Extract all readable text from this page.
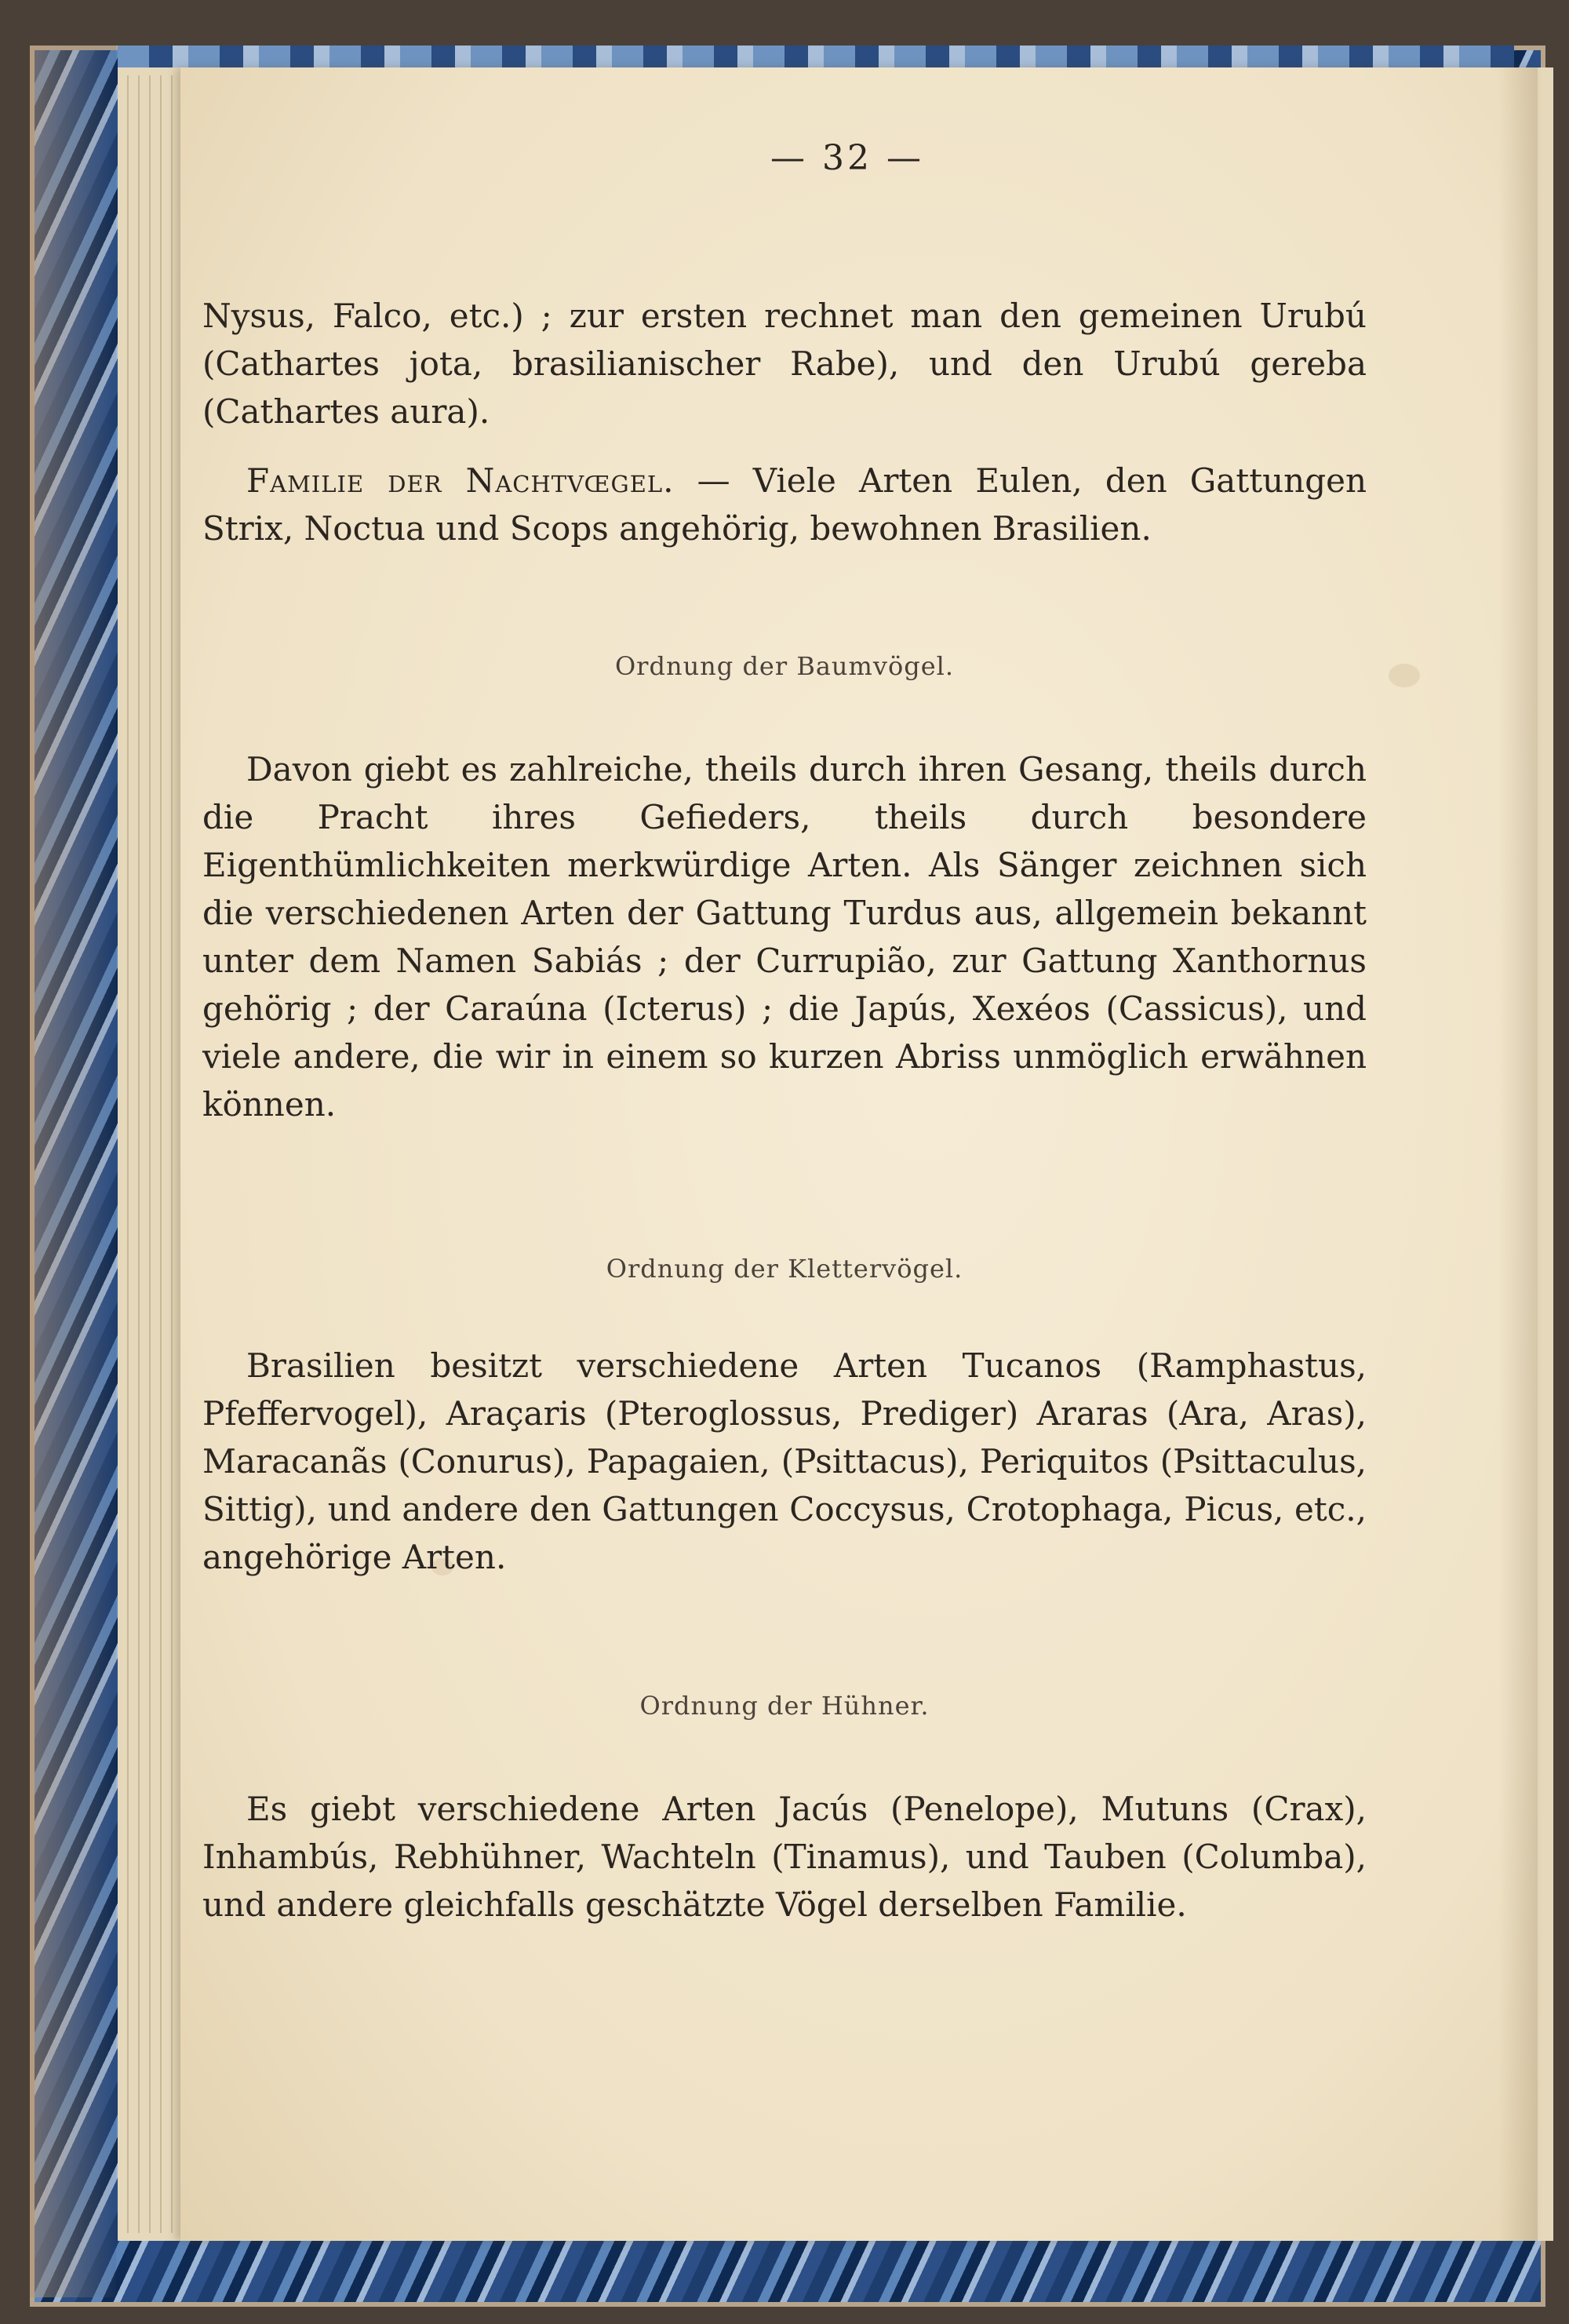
— 32 —
Nysus, Falco, etc.) ; zur ersten rechnet man den gemeinen Urubú (Cathartes jota, brasilianischer Rabe), und den Urubú gereba (Cathartes aura).
Familie der Nachtvœgel. — Viele Arten Eulen, den Gattungen Strix, Noctua und Scops angehörig, bewohnen Brasilien.
Ordnung der Baumvögel.
Davon giebt es zahlreiche, theils durch ihren Gesang, theils durch die Pracht ihres Gefieders, theils durch besondere Eigenthümlichkeiten merkwürdige Arten. Als Sänger zeichnen sich die verschiedenen Arten der Gattung Turdus aus, allgemein bekannt unter dem Namen Sabiás ; der Currupião, zur Gattung Xanthornus gehörig ; der Caraúna (Icterus) ; die Japús, Xexéos (Cassicus), und viele andere, die wir in einem so kurzen Abriss unmöglich erwähnen können.
Ordnung der Klettervögel.
Brasilien besitzt verschiedene Arten Tucanos (Ramphastus, Pfeffervogel), Araçaris (Pteroglossus, Prediger) Araras (Ara, Aras), Maracanãs (Conurus), Papagaien, (Psittacus), Periquitos (Psittaculus, Sittig), und andere den Gattungen Coccysus, Crotophaga, Picus, etc., angehörige Arten.
Ordnung der Hühner.
Es giebt verschiedene Arten Jacús (Penelope), Mutuns (Crax), Inhambús, Rebhühner, Wachteln (Tinamus), und Tauben (Columba), und andere gleichfalls geschätzte Vögel derselben Familie.
